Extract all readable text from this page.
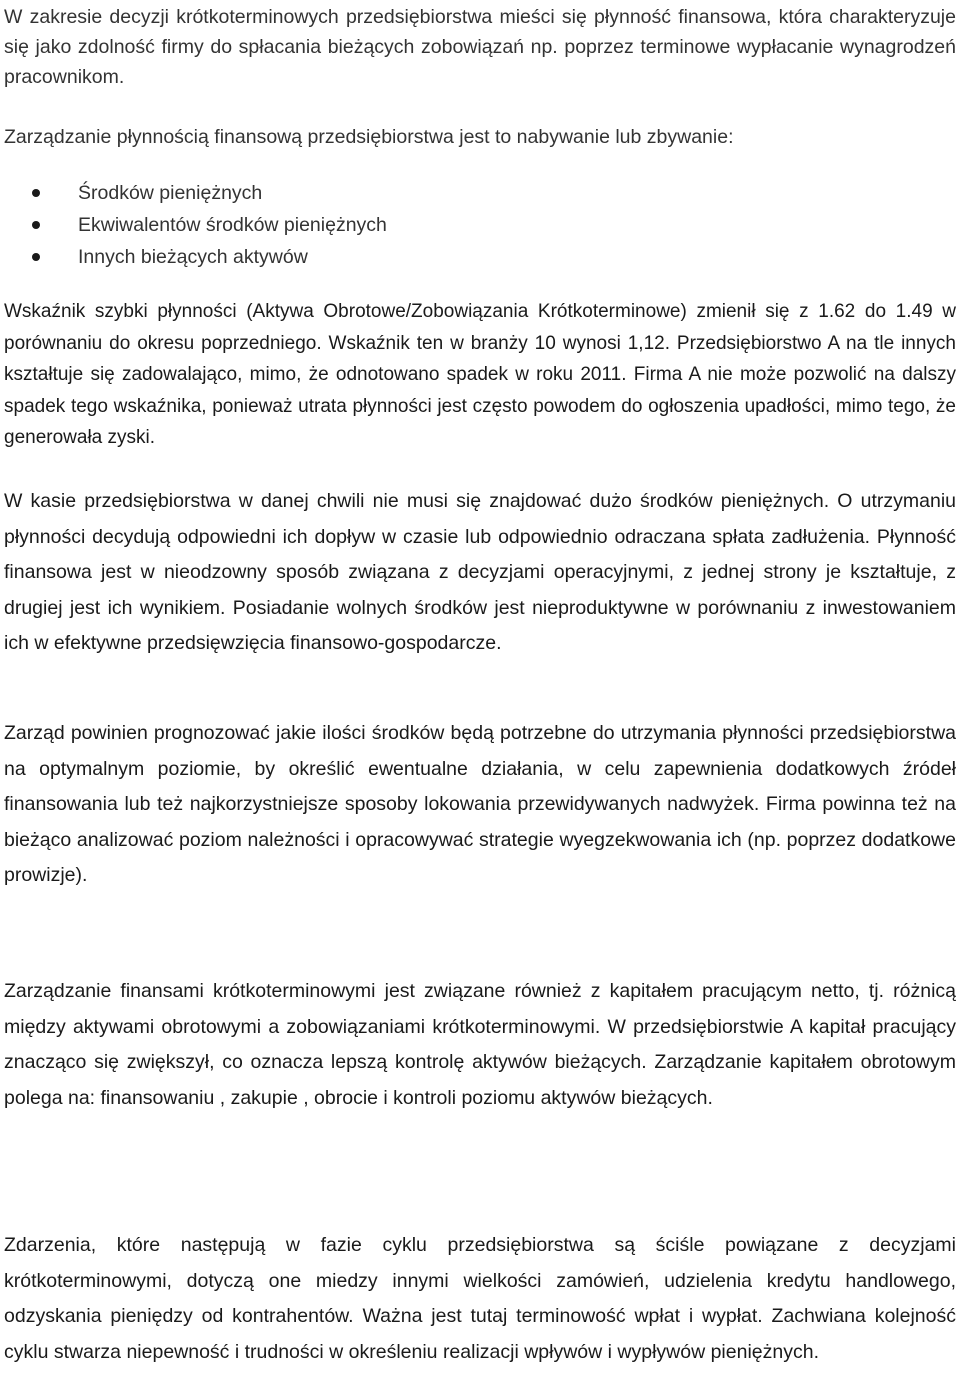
W zakresie decyzji krótkoterminowych przedsiębiorstwa mieści się płynność finansowa, która charakteryzuje się jako zdolność firmy do spłacania bieżących zobowiązań np. poprzez terminowe wypłacanie wynagrodzeń pracownikom.

Zarządzanie płynnością finansową przedsiębiorstwa jest to nabywanie lub zbywanie:

Środków pieniężnych
Ekwiwalentów środków pieniężnych
Innych bieżących aktywów

Wskaźnik szybki płynności (Aktywa Obrotowe/Zobowiązania Krótkoterminowe) zmienił się z 1.62 do 1.49 w porównaniu do okresu poprzedniego. Wskaźnik ten w branży 10 wynosi 1,12. Przedsiębiorstwo A na tle innych kształtuje się zadowalająco, mimo, że odnotowano spadek w roku 2011. Firma A nie może pozwolić na dalszy spadek tego wskaźnika, ponieważ utrata płynności jest często powodem do ogłoszenia upadłości, mimo tego, że generowała zyski.

W kasie przedsiębiorstwa w danej chwili nie musi się znajdować dużo środków pieniężnych. O utrzymaniu płynności decydują odpowiedni ich dopływ w czasie lub odpowiednio odraczana spłata zadłużenia. Płynność finansowa jest w nieodzowny sposób związana z decyzjami operacyjnymi, z jednej strony je kształtuje, z drugiej jest ich wynikiem. Posiadanie wolnych środków jest nieproduktywne w porównaniu z inwestowaniem ich w efektywne przedsięwzięcia finansowo-gospodarcze.

Zarząd powinien prognozować jakie ilości środków będą potrzebne do utrzymania płynności przedsiębiorstwa na optymalnym poziomie, by określić ewentualne działania, w celu zapewnienia dodatkowych źródeł finansowania lub też najkorzystniejsze sposoby lokowania przewidywanych nadwyżek. Firma powinna też na bieżąco analizować poziom należności i opracowywać strategie wyegzekwowania ich (np. poprzez dodatkowe prowizje).

Zarządzanie finansami krótkoterminowymi jest związane również z kapitałem pracującym netto, tj. różnicą między aktywami obrotowymi a zobowiązaniami krótkoterminowymi. W przedsiębiorstwie A kapitał pracujący znacząco się zwiększył, co oznacza lepszą kontrolę aktywów bieżących. Zarządzanie kapitałem obrotowym polega na: finansowaniu , zakupie , obrocie i kontroli poziomu aktywów bieżących.

Zdarzenia, które następują w fazie cyklu przedsiębiorstwa są ściśle powiązane z decyzjami krótkoterminowymi, dotyczą one miedzy innymi wielkości zamówień, udzielenia kredytu handlowego, odzyskania pieniędzy od kontrahentów. Ważna jest tutaj terminowość wpłat i wypłat. Zachwiana kolejność cyklu stwarza niepewność i trudności w określeniu realizacji wpływów i wypływów pieniężnych.
